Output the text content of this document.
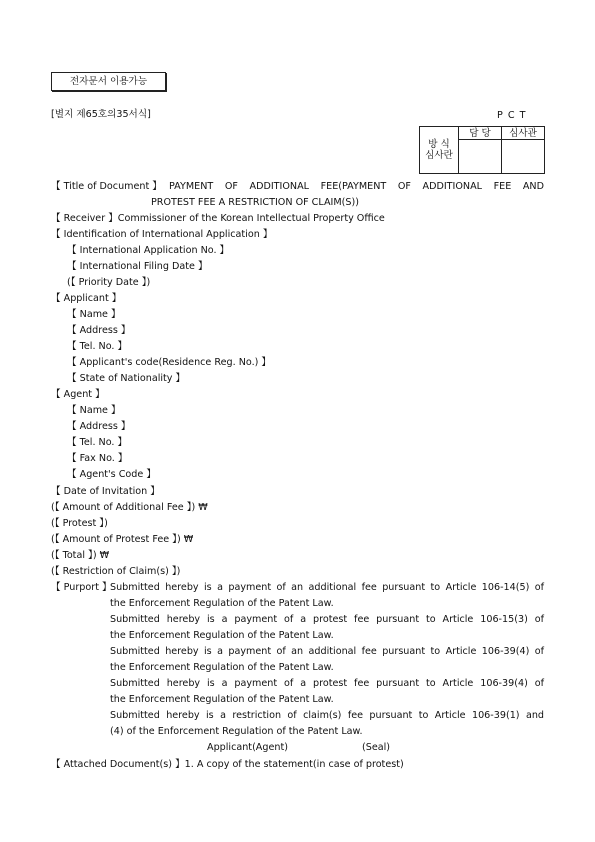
전자문서 이용가능
[별지 제65호의35서식]	P C T
방 식
심사란	담 당	심사관

【 Title of Document 】 PAYMENT OF ADDITIONAL FEE(PAYMENT OF ADDITIONAL FEE AND
PROTEST FEE A RESTRICTION OF CLAIM(S))
【 Receiver 】Commissioner of the Korean Intellectual Property Office
【 Identification of International Application 】
【 International Application No. 】
【 International Filing Date 】
(【 Priority Date 】)
【 Applicant 】
【 Name 】
【 Address 】
【 Tel. No. 】
【 Applicant's code(Residence Reg. No.) 】
【 State of Nationality 】
【 Agent 】
【 Name 】
【 Address 】
【 Tel. No. 】
【 Fax No. 】
【 Agent's Code 】
【 Date of Invitation 】
(【 Amount of Additional Fee 】) ₩
(【 Protest 】)
(【 Amount of Protest Fee 】) ₩
(【 Total 】) ₩
(【 Restriction of Claim(s) 】)
【 Purport 】
Submitted hereby is a payment of an additional fee pursuant to Article 106-14(5) of
the Enforcement Regulation of the Patent Law.
Submitted hereby is a payment of a protest fee pursuant to Article 106-15(3) of
the Enforcement Regulation of the Patent Law.
Submitted hereby is a payment of an additional fee pursuant to Article 106-39(4) of
the Enforcement Regulation of the Patent Law.
Submitted hereby is a payment of a protest fee pursuant to Article 106-39(4) of
the Enforcement Regulation of the Patent Law.
Submitted hereby is a restriction of claim(s) fee pursuant to Article 106-39(1) and
(4) of the Enforcement Regulation of the Patent Law.
Applicant(Agent)	(Seal)
【 Attached Document(s) 】1. A copy of the statement(in case of protest)
